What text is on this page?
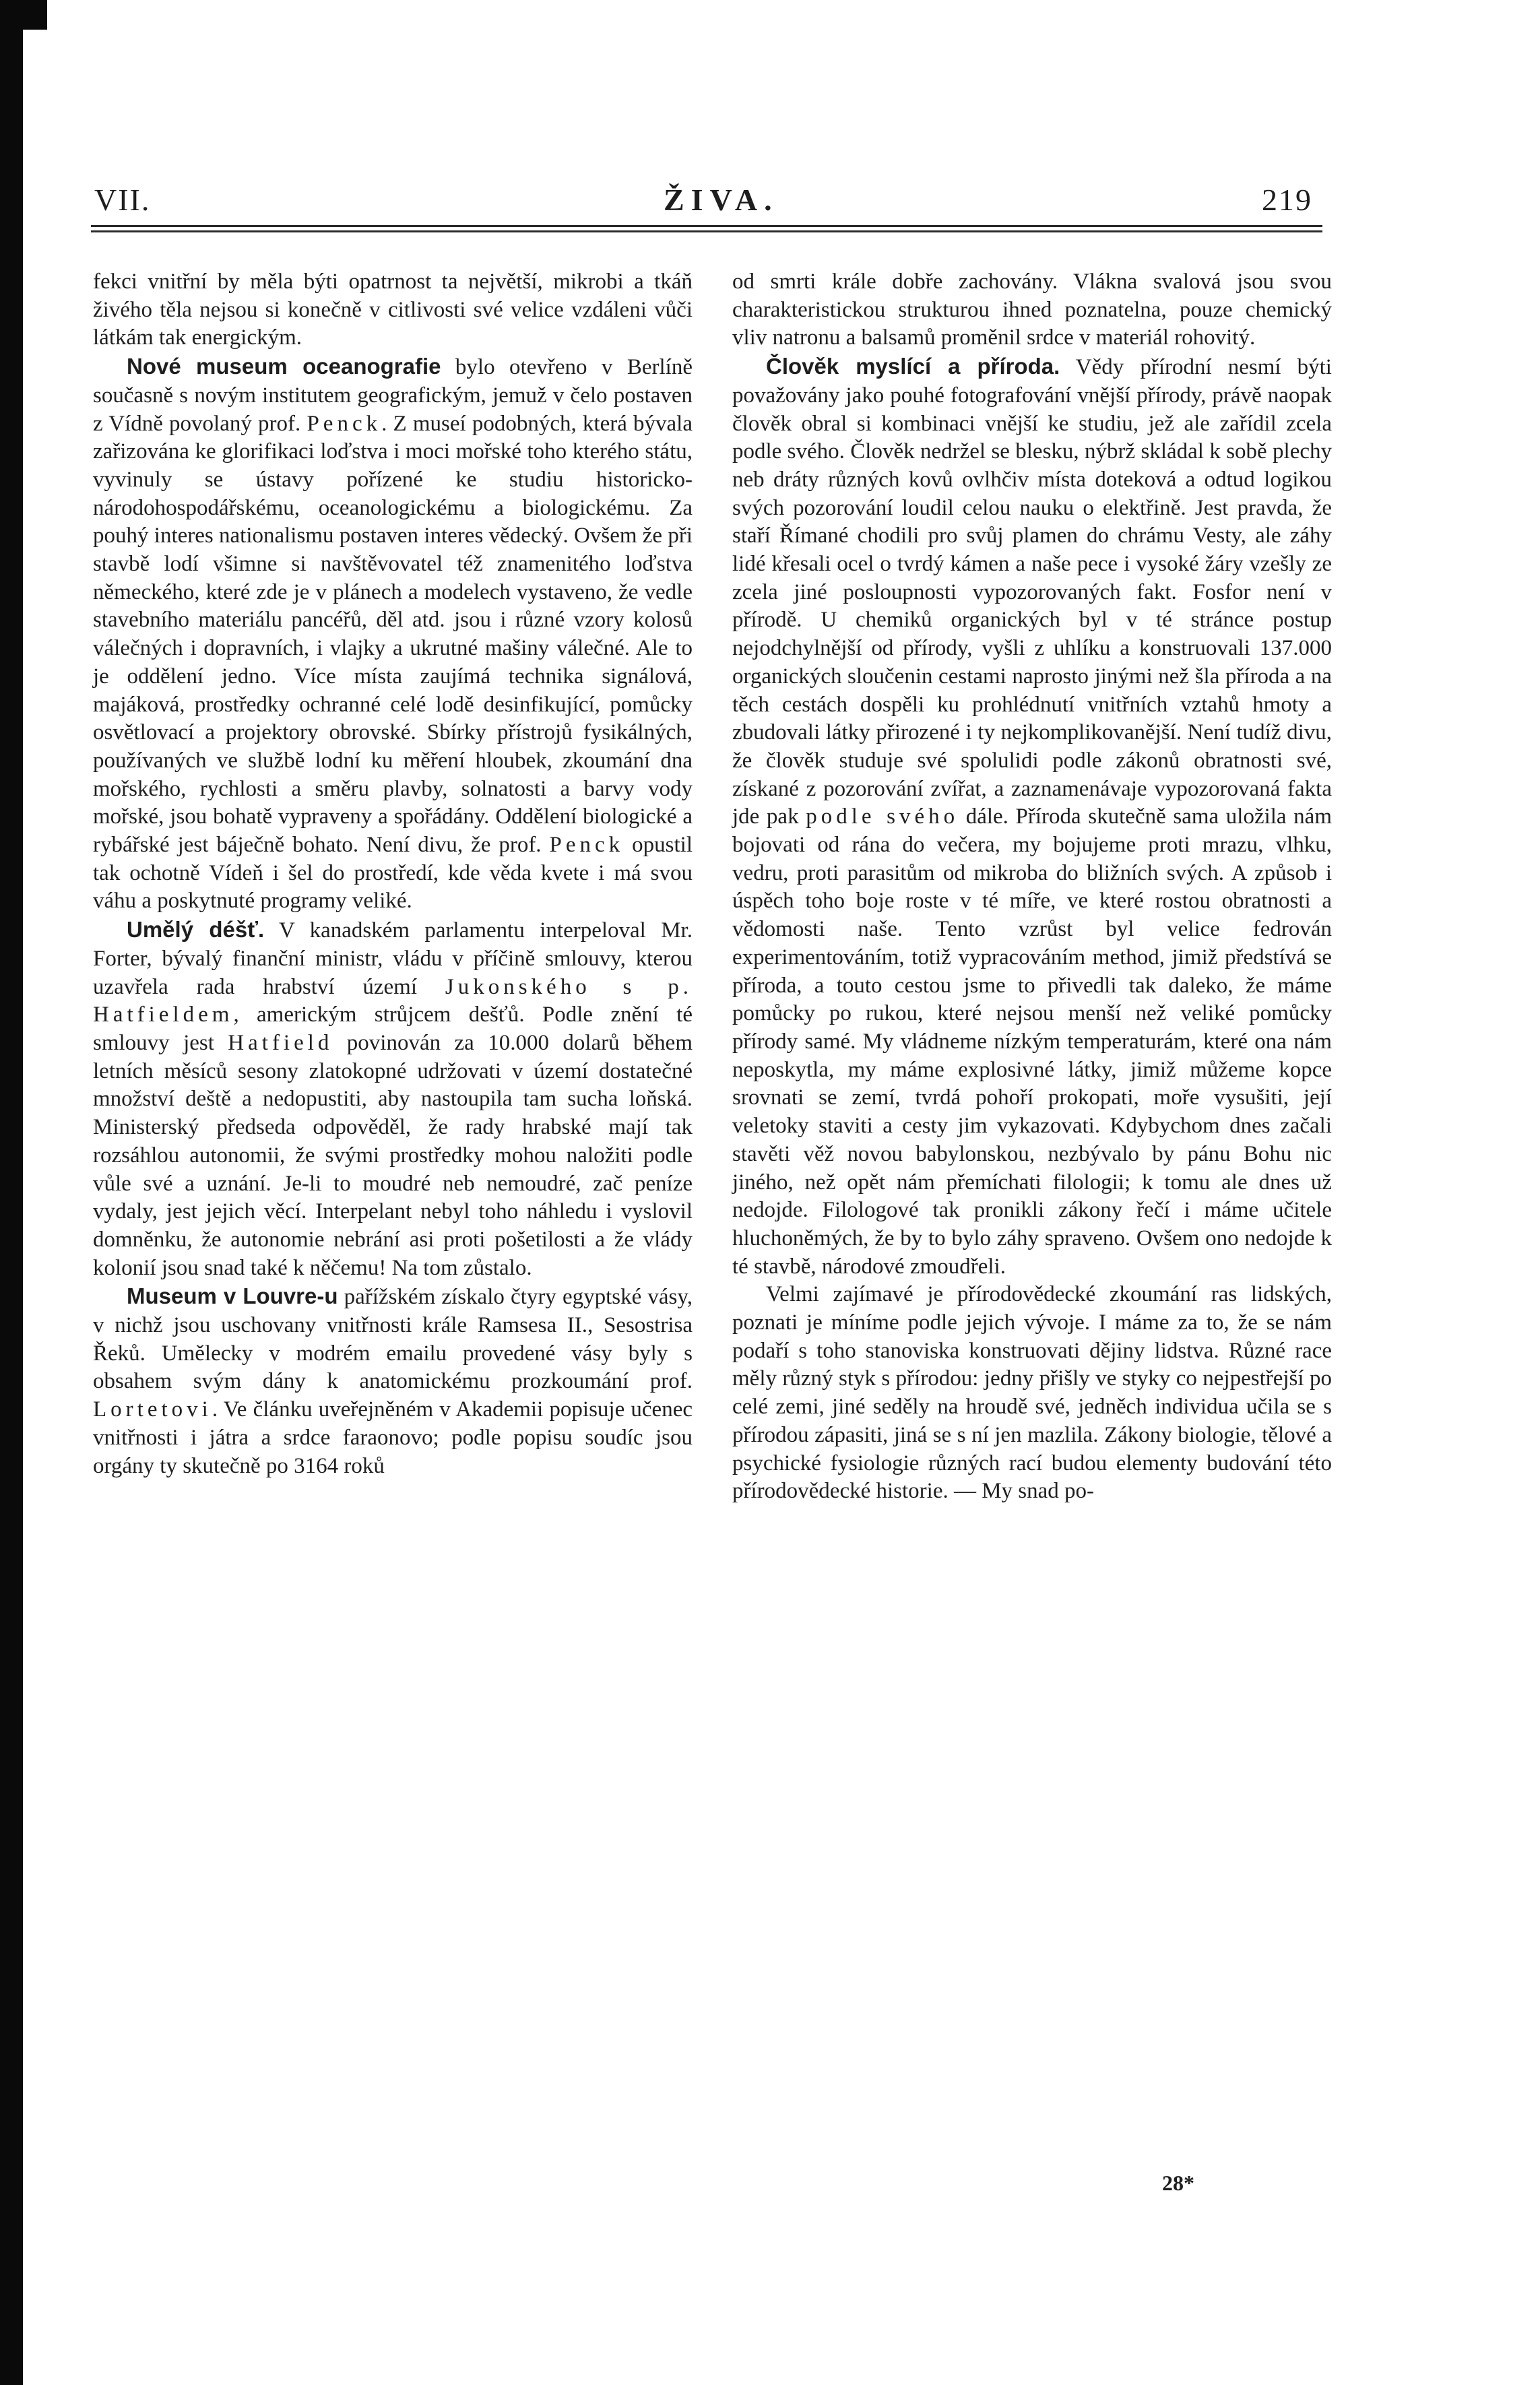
VII.	ŽIVA.	219

fekci vnitřní by měla býti opatrnost ta největší, mikrobi a tkáň živého těla nejsou si konečně v citlivosti své velice vzdáleni vůči látkám tak energickým.

Nové museum oceanografie bylo otevřeno v Berlíně současně s novým institutem geografickým, jemuž v čelo postaven z Vídně povolaný prof. Penck. Z museí podobných, která bývala zařizována ke glorifikaci loďstva i moci mořské toho kterého státu, vyvinuly se ústavy pořízené ke studiu historicko-národohospodářskému, oceanologickému a biologickému. Za pouhý interes nationalismu postaven interes vědecký. Ovšem že při stavbě lodí všimne si navštěvovatel též znamenitého loďstva německého, které zde je v plánech a modelech vystaveno, že vedle stavebního materiálu pancéřů, děl atd. jsou i různé vzory kolosů válečných i dopravních, i vlajky a ukrutné mašiny válečné. Ale to je oddělení jedno. Více místa zaujímá technika signálová, majáková, prostředky ochranné celé lodě desinfikující, pomůcky osvětlovací a projektory obrovské. Sbírky přístrojů fysikálných, používaných ve službě lodní ku měření hloubek, zkoumání dna mořského, rychlosti a směru plavby, solnatosti a barvy vody mořské, jsou bohatě vypraveny a spořádány. Oddělení biologické a rybářské jest báječně bohato. Není divu, že prof. Penck opustil tak ochotně Vídeň i šel do prostředí, kde věda kvete i má svou váhu a poskytnuté programy veliké.

Umělý déšť. V kanadském parlamentu interpeloval Mr. Forter, bývalý finanční ministr, vládu v příčině smlouvy, kterou uzavřela rada hrabství území Jukonského s p. Hatfieldem, americkým strůjcem dešťů. Podle znění té smlouvy jest Hatfield povinován za 10.000 dolarů během letních měsíců sesony zlatokopné udržovati v území dostatečné množství deště a nedopustiti, aby nastoupila tam sucha loňská. Ministerský předseda odpověděl, že rady hrabské mají tak rozsáhlou autonomii, že svými prostředky mohou naložiti podle vůle své a uznání. Je-li to moudré neb nemoudré, zač peníze vydaly, jest jejich věcí. Interpelant nebyl toho náhledu i vyslovil domněnku, že autonomie nebrání asi proti pošetilosti a že vlády kolonií jsou snad také k něčemu! Na tom zůstalo.

Museum v Louvre-u pařížském získalo čtyry egyptské vásy, v nichž jsou uschovany vnitřnosti krále Ramsesa II., Sesostrisa Řeků. Umělecky v modrém emailu provedené vásy byly s obsahem svým dány k anatomickému prozkoumání prof. Lortetovi. Ve článku uveřejněném v Akademii popisuje učenec vnitřnosti i játra a srdce faraonovo; podle popisu soudíc jsou orgány ty skutečně po 3164 roků

od smrti krále dobře zachovány. Vlákna svalová jsou svou charakteristickou strukturou ihned poznatelna, pouze chemický vliv natronu a balsamů proměnil srdce v materiál rohovitý.

Člověk myslící a příroda. Vědy přírodní nesmí býti považovány jako pouhé fotografování vnější přírody, právě naopak člověk obral si kombinaci vnější ke studiu, jež ale zařídil zcela podle svého. Člověk nedržel se blesku, nýbrž skládal k sobě plechy neb dráty různých kovů ovlhčiv místa doteková a odtud logikou svých pozorování loudil celou nauku o elektřině. Jest pravda, že staří Římané chodili pro svůj plamen do chrámu Vesty, ale záhy lidé křesali ocel o tvrdý kámen a naše pece i vysoké žáry vzešly ze zcela jiné posloupnosti vypozorovaných fakt. Fosfor není v přírodě. U chemiků organických byl v té stránce postup nejodchylnější od přírody, vyšli z uhlíku a konstruovali 137.000 organických sloučenin cestami naprosto jinými než šla příroda a na těch cestách dospěli ku prohlédnutí vnitřních vztahů hmoty a zbudovali látky přirozené i ty nejkomplikovanější. Není tudíž divu, že člověk studuje své spolulidi podle zákonů obratnosti své, získané z pozorování zvířat, a zaznamenávaje vypozorovaná fakta jde pak podle svého dále. Příroda skutečně sama uložila nám bojovati od rána do večera, my bojujeme proti mrazu, vlhku, vedru, proti parasitům od mikroba do bližních svých. A způsob i úspěch toho boje roste v té míře, ve které rostou obratnosti a vědomosti naše. Tento vzrůst byl velice fedrován experimentováním, totiž vypracováním method, jimiž předstívá se příroda, a touto cestou jsme to přivedli tak daleko, že máme pomůcky po rukou, které nejsou menší než veliké pomůcky přírody samé. My vládneme nízkým temperaturám, které ona nám neposkytla, my máme explosivné látky, jimiž můžeme kopce srovnati se zemí, tvrdá pohoří prokopati, moře vysušiti, její veletoky staviti a cesty jim vykazovati. Kdybychom dnes začali stavěti věž novou babylonskou, nezbývalo by pánu Bohu nic jiného, než opět nám přemíchati filologii; k tomu ale dnes už nedojde. Filologové tak pronikli zákony řečí i máme učitele hluchoněmých, že by to bylo záhy spraveno. Ovšem ono nedojde k té stavbě, národové zmoudřeli.

Velmi zajímavé je přírodovědecké zkoumání ras lidských, poznati je míníme podle jejich vývoje. I máme za to, že se nám podaří s toho stanoviska konstruovati dějiny lidstva. Různé race měly různý styk s přírodou: jedny přišly ve styky co nejpestřejší po celé zemi, jiné seděly na hroudě své, jedněch individua učila se s přírodou zápasiti, jiná se s ní jen mazlila. Zákony biologie, tělové a psychické fysiologie různých rací budou elementy budování této přírodovědecké historie. — My snad po-

28*
